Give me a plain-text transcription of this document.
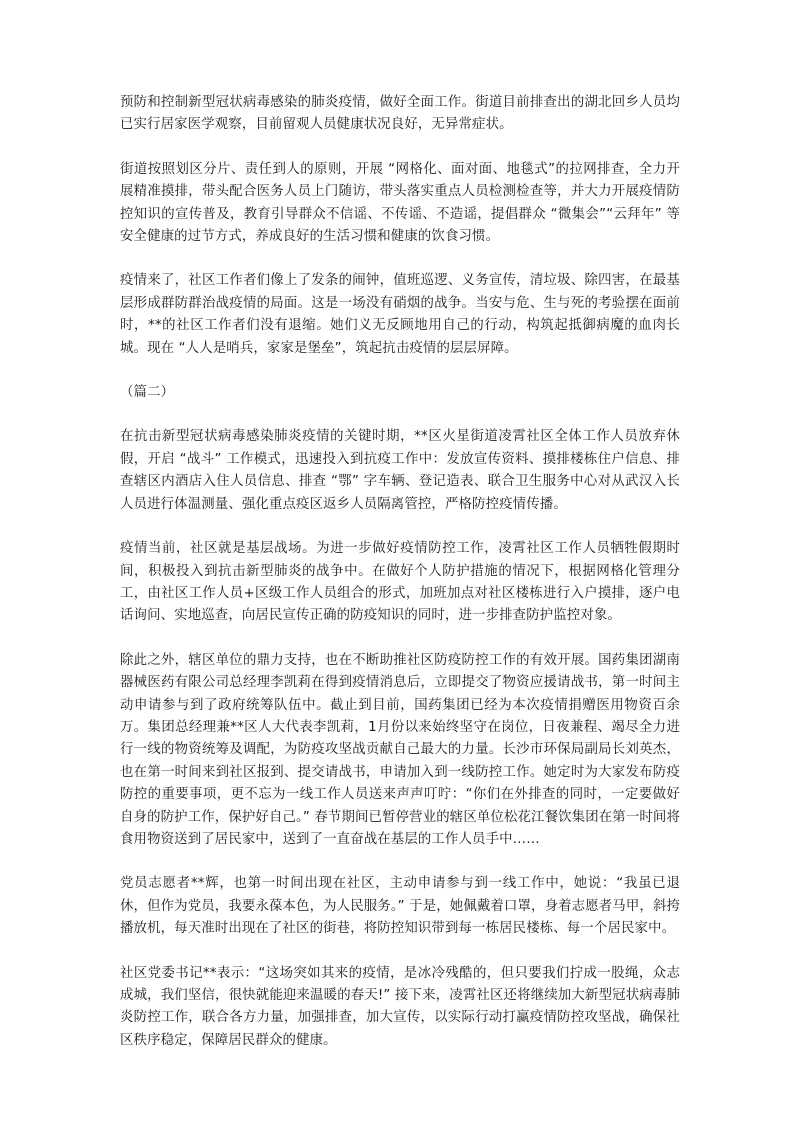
预防和控制新型冠状病毒感染的肺炎疫情，做好全面工作。街道目前排查出的湖北回乡人员均已实行居家医学观察，目前留观人员健康状况良好，无异常症状。

街道按照划区分片、责任到人的原则，开展 “网格化、面对面、地毯式”的拉网排查，全力开展精准摸排，带头配合医务人员上门随访，带头落实重点人员检测检查等，并大力开展疫情防控知识的宣传普及，教育引导群众不信谣、不传谣、不造谣，提倡群众 “微集会”“云拜年” 等安全健康的过节方式，养成良好的生活习惯和健康的饮食习惯。

疫情来了，社区工作者们像上了发条的闹钟，值班巡逻、义务宣传，清垃圾、除四害，在最基层形成群防群治战疫情的局面。这是一场没有硝烟的战争。当安与危、生与死的考验摆在面前时，**的社区工作者们没有退缩。她们义无反顾地用自己的行动，构筑起抵御病魔的血肉长城。现在 “人人是哨兵，家家是堡垒”，筑起抗击疫情的层层屏障。

（篇二）

在抗击新型冠状病毒感染肺炎疫情的关键时期，**区火星街道凌霄社区全体工作人员放弃休假，开启 “战斗” 工作模式，迅速投入到抗疫工作中：发放宣传资料、摸排楼栋住户信息、排查辖区内酒店入住人员信息、排查 “鄂” 字车辆、登记造表、联合卫生服务中心对从武汉入长人员进行体温测量、强化重点疫区返乡人员隔离管控，严格防控疫情传播。

疫情当前，社区就是基层战场。为进一步做好疫情防控工作，凌霄社区工作人员牺牲假期时间，积极投入到抗击新型肺炎的战争中。在做好个人防护措施的情况下，根据网格化管理分工，由社区工作人员+区级工作人员组合的形式，加班加点对社区楼栋进行入户摸排，逐户电话询问、实地巡查，向居民宣传正确的防疫知识的同时，进一步排查防护监控对象。

除此之外，辖区单位的鼎力支持，也在不断助推社区防疫防控工作的有效开展。国药集团湖南器械医药有限公司总经理李凯莉在得到疫情消息后，立即提交了物资应援请战书，第一时间主动申请参与到了政府统筹队伍中。截止到目前，国药集团已经为本次疫情捐赠医用物资百余万。集团总经理兼**区人大代表李凯莉，1月份以来始终坚守在岗位，日夜兼程、竭尽全力进行一线的物资统筹及调配，为防疫攻坚战贡献自己最大的力量。长沙市环保局副局长刘英杰，也在第一时间来到社区报到、提交请战书，申请加入到一线防控工作。她定时为大家发布防疫防控的重要事项，更不忘为一线工作人员送来声声叮咛：“你们在外排查的同时，一定要做好自身的防护工作，保护好自己。” 春节期间已暂停营业的辖区单位松花江餐饮集团在第一时间将食用物资送到了居民家中，送到了一直奋战在基层的工作人员手中……

党员志愿者**辉，也第一时间出现在社区，主动申请参与到一线工作中，她说：“我虽已退休，但作为党员，我要永葆本色，为人民服务。” 于是，她佩戴着口罩，身着志愿者马甲，斜挎播放机，每天准时出现在了社区的街巷，将防控知识带到每一栋居民楼栋、每一个居民家中。

社区党委书记**表示：“这场突如其来的疫情，是冰冷残酷的，但只要我们拧成一股绳，众志成城，我们坚信，很快就能迎来温暖的春天!” 接下来，凌霄社区还将继续加大新型冠状病毒肺炎防控工作，联合各方力量，加强排查，加大宣传，以实际行动打赢疫情防控攻坚战，确保社区秩序稳定，保障居民群众的健康。
